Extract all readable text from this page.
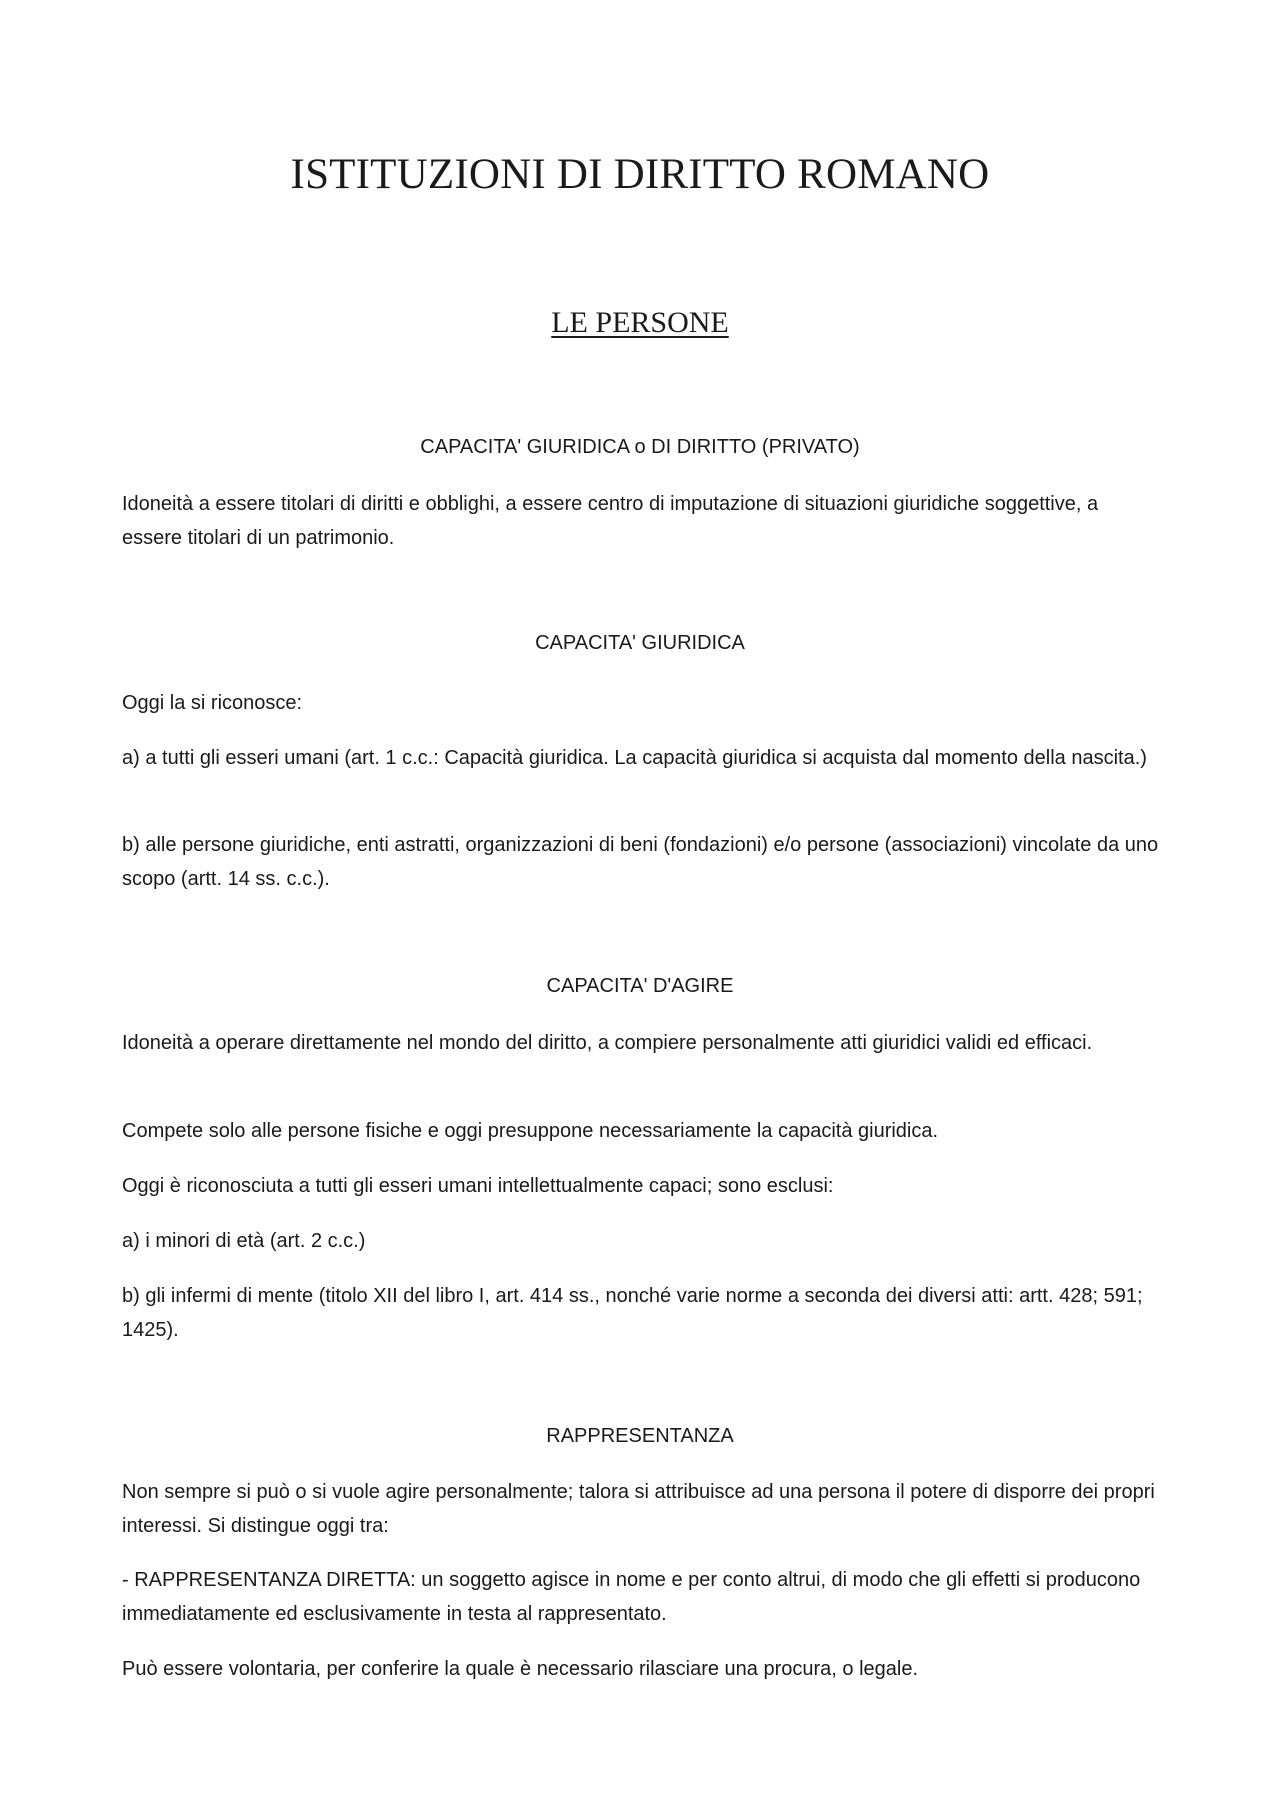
ISTITUZIONI DI DIRITTO ROMANO
LE PERSONE
CAPACITA' GIURIDICA o DI DIRITTO (PRIVATO)

Idoneità a essere titolari di diritti e obblighi, a essere centro di imputazione di situazioni giuridiche soggettive, a essere titolari di un patrimonio.

CAPACITA' GIURIDICA

Oggi la si riconosce:

a) a tutti gli esseri umani (art. 1 c.c.: Capacità giuridica. La capacità giuridica si acquista dal momento della nascita.)

b) alle persone giuridiche, enti astratti, organizzazioni di beni (fondazioni) e/o persone (associazioni) vincolate da uno scopo (artt. 14 ss. c.c.).

CAPACITA' D'AGIRE

Idoneità a operare direttamente nel mondo del diritto, a compiere personalmente atti giuridici validi ed efficaci.

Compete solo alle persone fisiche e oggi presuppone necessariamente la capacità giuridica.

Oggi è riconosciuta a tutti gli esseri umani intellettualmente capaci; sono esclusi:

a) i minori di età (art. 2 c.c.)

b) gli infermi di mente (titolo XII del libro I, art. 414 ss., nonché varie norme a seconda dei diversi atti: artt. 428; 591; 1425).

RAPPRESENTANZA

Non sempre si può o si vuole agire personalmente; talora si attribuisce ad una persona il potere di disporre dei propri interessi. Si distingue oggi tra:

- RAPPRESENTANZA DIRETTA: un soggetto agisce in nome e per conto altrui, di modo che gli effetti si producono immediatamente ed esclusivamente in testa al rappresentato.

Può essere volontaria, per conferire la quale è necessario rilasciare una procura, o legale.
